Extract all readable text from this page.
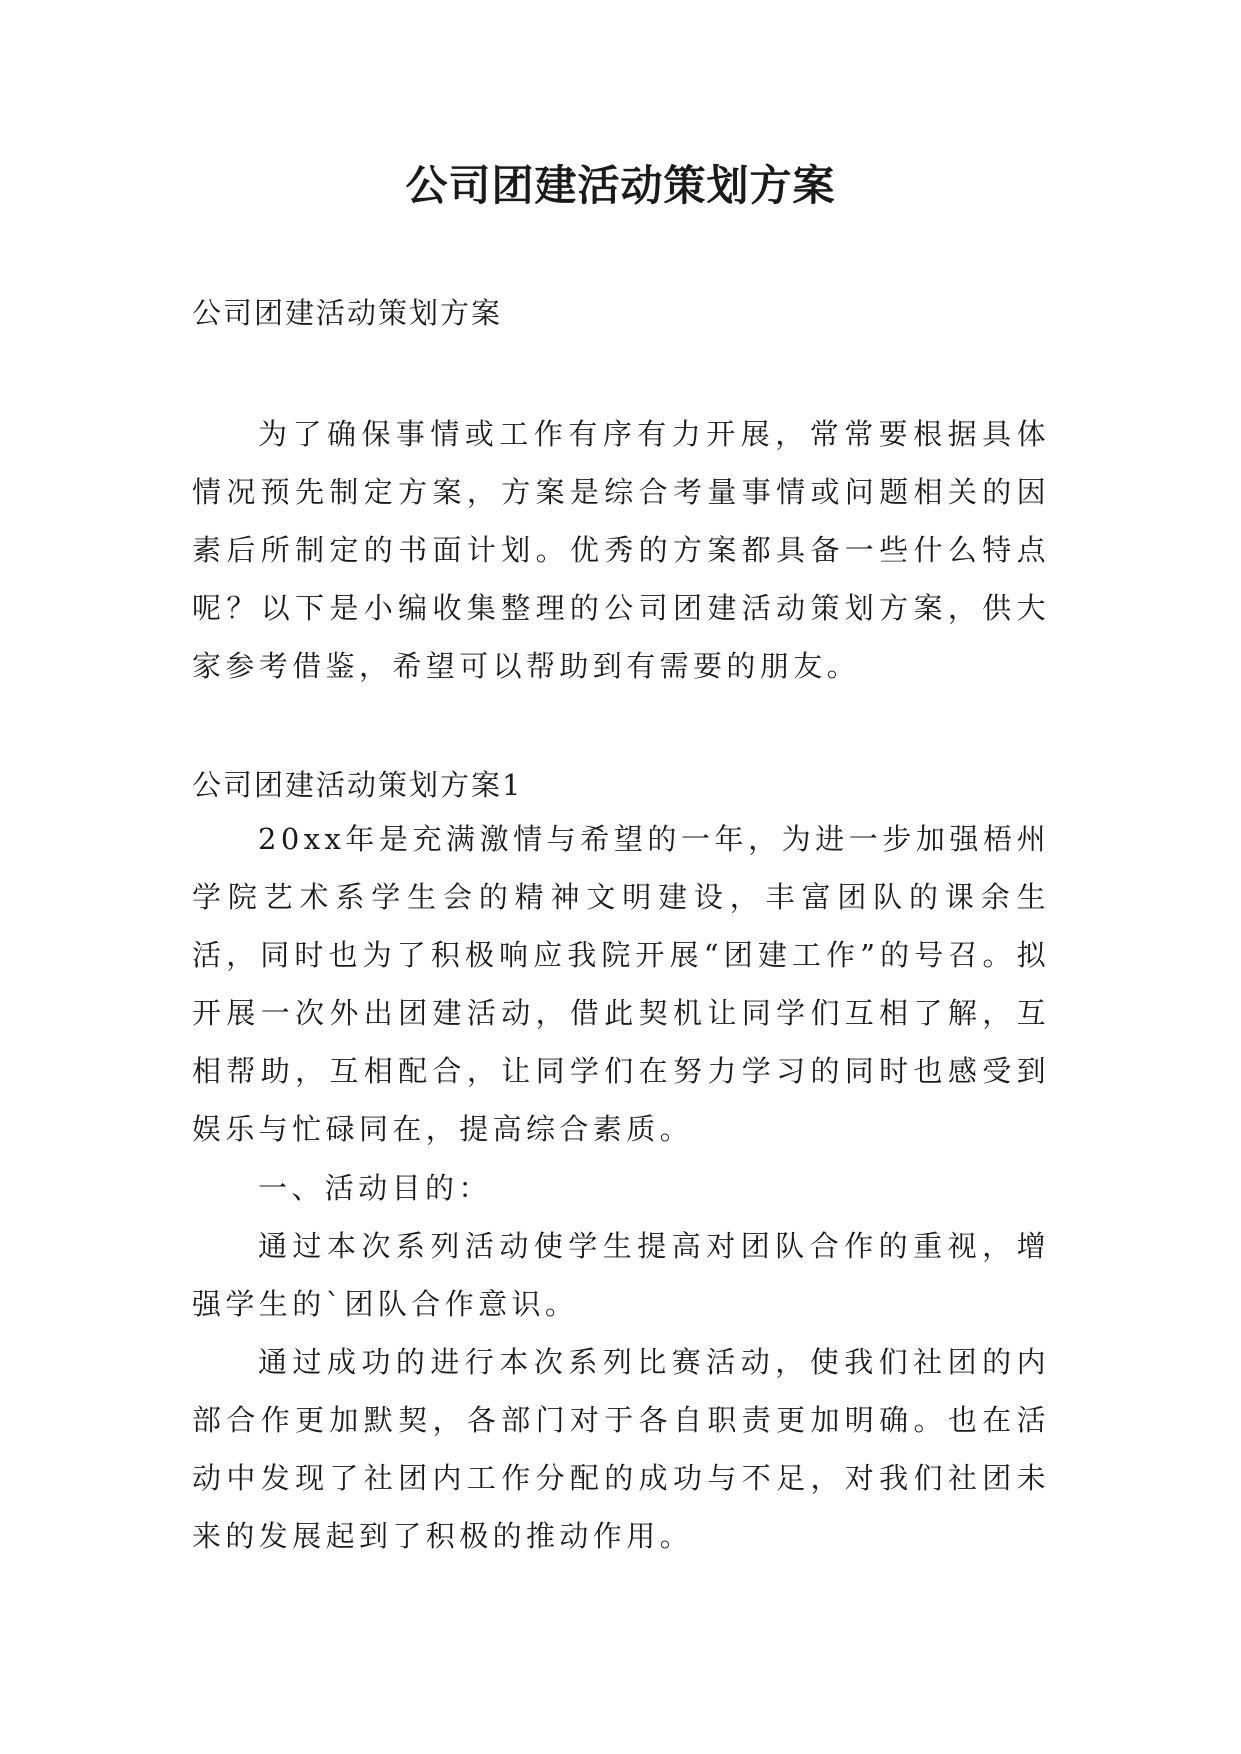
公司团建活动策划方案
公司团建活动策划方案

为了确保事情或工作有序有力开展，常常要根据具体情况预先制定方案，方案是综合考量事情或问题相关的因素后所制定的书面计划。优秀的方案都具备一些什么特点呢？以下是小编收集整理的公司团建活动策划方案，供大家参考借鉴，希望可以帮助到有需要的朋友。

公司团建活动策划方案1

20xx年是充满激情与希望的一年，为进一步加强梧州学院艺术系学生会的精神文明建设，丰富团队的课余生活，同时也为了积极响应我院开展“团建工作”的号召。拟开展一次外出团建活动，借此契机让同学们互相了解，互相帮助，互相配合，让同学们在努力学习的同时也感受到娱乐与忙碌同在，提高综合素质。

一、活动目的：

通过本次系列活动使学生提高对团队合作的重视，增强学生的`团队合作意识。

通过成功的进行本次系列比赛活动，使我们社团的内部合作更加默契，各部门对于各自职责更加明确。也在活动中发现了社团内工作分配的成功与不足，对我们社团未来的发展起到了积极的推动作用。
